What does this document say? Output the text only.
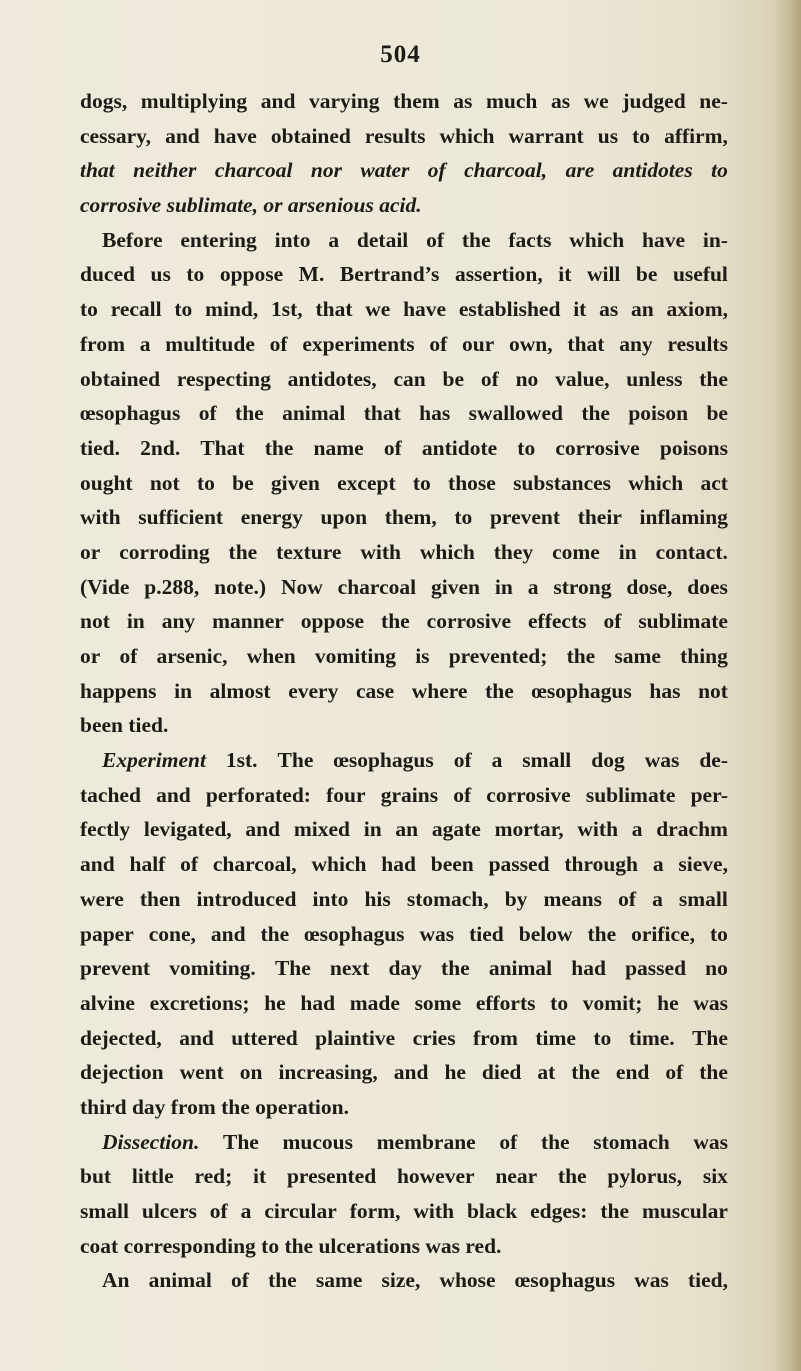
504
dogs, multiplying and varying them as much as we judged ne-
cessary, and have obtained results which warrant us to affirm,
that neither charcoal nor water of charcoal, are antidotes to
corrosive sublimate, or arsenious acid.
Before entering into a detail of the facts which have in-
duced us to oppose M. Bertrand’s assertion, it will be useful
to recall to mind, 1st, that we have established it as an axiom,
from a multitude of experiments of our own, that any results
obtained respecting antidotes, can be of no value, unless the
œsophagus of the animal that has swallowed the poison be
tied. 2nd. That the name of antidote to corrosive poisons
ought not to be given except to those substances which act
with sufficient energy upon them, to prevent their inflaming
or corroding the texture with which they come in contact.
(Vide p.288, note.) Now charcoal given in a strong dose, does
not in any manner oppose the corrosive effects of sublimate
or of arsenic, when vomiting is prevented; the same thing
happens in almost every case where the œsophagus has not
been tied.
Experiment 1st. The œsophagus of a small dog was de-
tached and perforated: four grains of corrosive sublimate per-
fectly levigated, and mixed in an agate mortar, with a drachm
and half of charcoal, which had been passed through a sieve,
were then introduced into his stomach, by means of a small
paper cone, and the œsophagus was tied below the orifice, to
prevent vomiting. The next day the animal had passed no
alvine excretions; he had made some efforts to vomit; he was
dejected, and uttered plaintive cries from time to time. The
dejection went on increasing, and he died at the end of the
third day from the operation.
Dissection. The mucous membrane of the stomach was
but little red; it presented however near the pylorus, six
small ulcers of a circular form, with black edges: the muscular
coat corresponding to the ulcerations was red.
An animal of the same size, whose œsophagus was tied,
